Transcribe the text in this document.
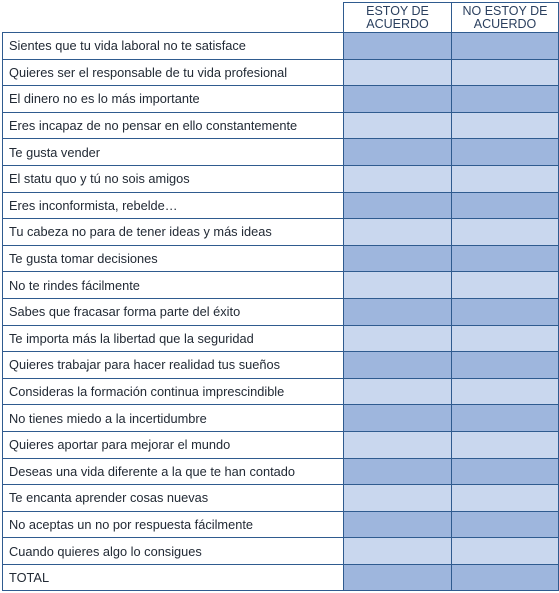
	ESTOY DE ACUERDO	NO ESTOY DE ACUERDO
Sientes que tu vida laboral no te satisface		
Quieres ser el responsable de tu vida profesional		
El dinero no es lo más importante		
Eres incapaz de no pensar en ello constantemente		
Te gusta vender		
El statu quo y tú no sois amigos		
Eres inconformista, rebelde…		
Tu cabeza no para de tener ideas y más ideas		
Te gusta tomar decisiones		
No te rindes fácilmente		
Sabes que fracasar forma parte del éxito		
Te importa más la libertad que la seguridad		
Quieres trabajar para hacer realidad tus sueños		
Consideras la formación continua imprescindible		
No tienes miedo a la incertidumbre		
Quieres aportar para mejorar el mundo		
Deseas una vida diferente a la que te han contado		
Te encanta aprender cosas nuevas		
No aceptas un no por respuesta fácilmente		
Cuando quieres algo lo consigues		
TOTAL		
